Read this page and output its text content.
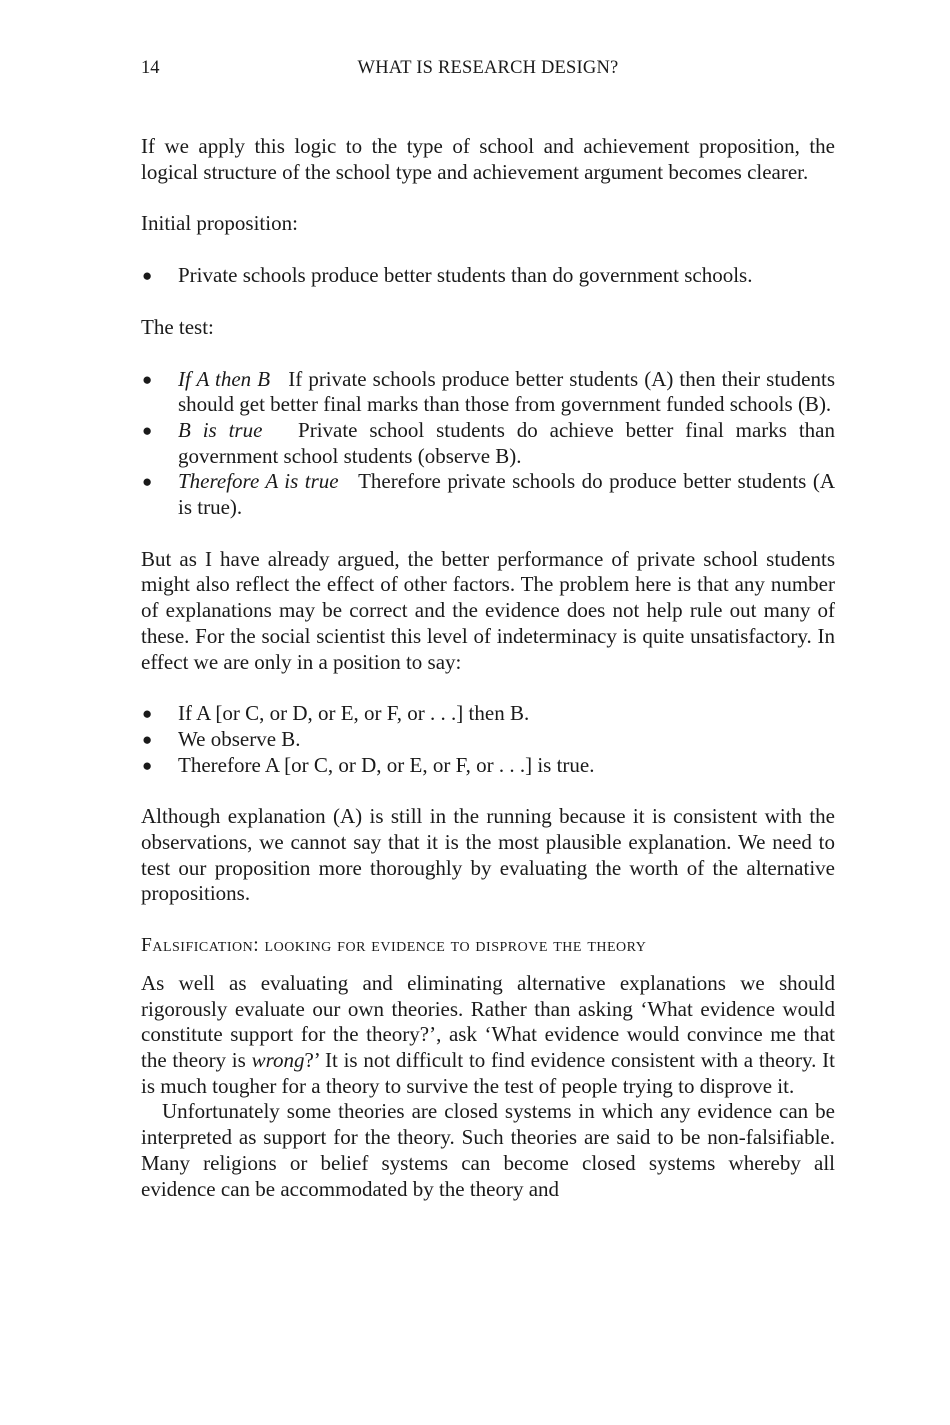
14	WHAT IS RESEARCH DESIGN?

If we apply this logic to the type of school and achievement proposition, the logical structure of the school type and achievement argument becomes clearer.

Initial proposition:

● Private schools produce better students than do government schools.

The test:

● If A then B If private schools produce better students (A) then their students should get better final marks than those from government funded schools (B).
● B is true Private school students do achieve better final marks than government school students (observe B).
● Therefore A is true Therefore private schools do produce better students (A is true).

But as I have already argued, the better performance of private school students might also reflect the effect of other factors. The problem here is that any number of explanations may be correct and the evidence does not help rule out many of these. For the social scientist this level of indeterminacy is quite unsatisfactory. In effect we are only in a position to say:

● If A [or C, or D, or E, or F, or . . .] then B.
● We observe B.
● Therefore A [or C, or D, or E, or F, or . . .] is true.

Although explanation (A) is still in the running because it is consistent with the observations, we cannot say that it is the most plausible explanation. We need to test our proposition more thoroughly by evaluating the worth of the alternative propositions.

Falsification: looking for evidence to disprove the theory

As well as evaluating and eliminating alternative explanations we should rigorously evaluate our own theories. Rather than asking ‘What evidence would constitute support for the theory?’, ask ‘What evidence would convince me that the theory is wrong?’ It is not difficult to find evidence consistent with a theory. It is much tougher for a theory to survive the test of people trying to disprove it.

Unfortunately some theories are closed systems in which any evidence can be interpreted as support for the theory. Such theories are said to be non-falsifiable. Many religions or belief systems can become closed systems whereby all evidence can be accommodated by the theory and
